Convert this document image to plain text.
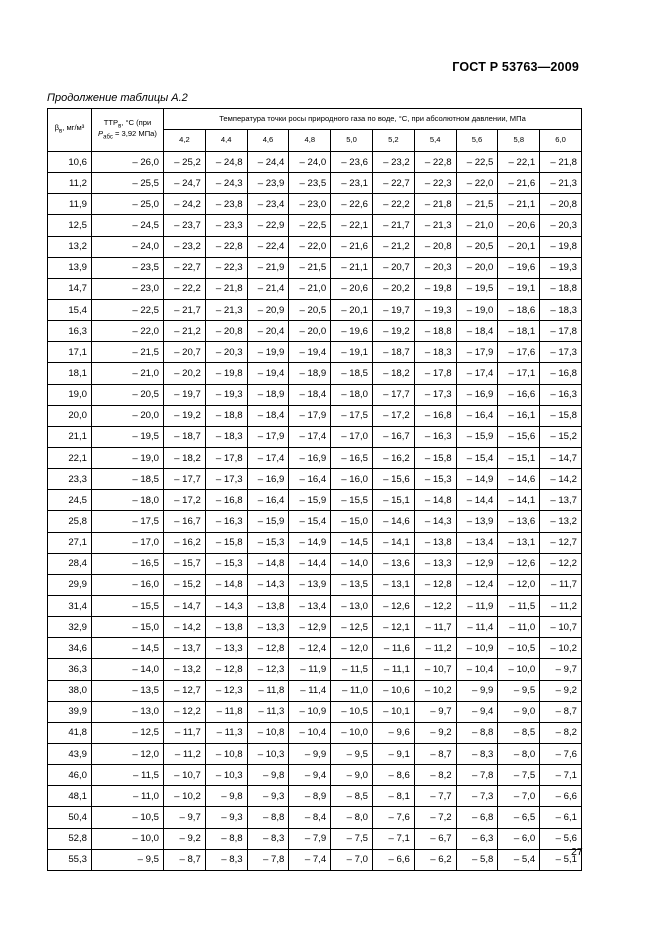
ГОСТ Р 53763—2009
Продолжение таблицы А.2
$\beta_в$, мг/м³	$ТТР_в$, °С (при
$P_{абс} = 3,92$ МПа)	Температура точки росы природного газа по воде, °С, при абсолютном давлении, МПа									
		4,2	4,4	4,6	4,8	5,0	5,2	5,4	5,6	5,8	6,0
10,6	– 26,0	– 25,2	– 24,8	– 24,4	– 24,0	– 23,6	– 23,2	– 22,8	– 22,5	– 22,1	– 21,8
11,2	– 25,5	– 24,7	– 24,3	– 23,9	– 23,5	– 23,1	– 22,7	– 22,3	– 22,0	– 21,6	– 21,3
11,9	– 25,0	– 24,2	– 23,8	– 23,4	– 23,0	– 22,6	– 22,2	– 21,8	– 21,5	– 21,1	– 20,8
12,5	– 24,5	– 23,7	– 23,3	– 22,9	– 22,5	– 22,1	– 21,7	– 21,3	– 21,0	– 20,6	– 20,3
13,2	– 24,0	– 23,2	– 22,8	– 22,4	– 22,0	– 21,6	– 21,2	– 20,8	– 20,5	– 20,1	– 19,8
13,9	– 23,5	– 22,7	– 22,3	– 21,9	– 21,5	– 21,1	– 20,7	– 20,3	– 20,0	– 19,6	– 19,3
14,7	– 23,0	– 22,2	– 21,8	– 21,4	– 21,0	– 20,6	– 20,2	– 19,8	– 19,5	– 19,1	– 18,8
15,4	– 22,5	– 21,7	– 21,3	– 20,9	– 20,5	– 20,1	– 19,7	– 19,3	– 19,0	– 18,6	– 18,3
16,3	– 22,0	– 21,2	– 20,8	– 20,4	– 20,0	– 19,6	– 19,2	– 18,8	– 18,4	– 18,1	– 17,8
17,1	– 21,5	– 20,7	– 20,3	– 19,9	– 19,4	– 19,1	– 18,7	– 18,3	– 17,9	– 17,6	– 17,3
18,1	– 21,0	– 20,2	– 19,8	– 19,4	– 18,9	– 18,5	– 18,2	– 17,8	– 17,4	– 17,1	– 16,8
19,0	– 20,5	– 19,7	– 19,3	– 18,9	– 18,4	– 18,0	– 17,7	– 17,3	– 16,9	– 16,6	– 16,3
20,0	– 20,0	– 19,2	– 18,8	– 18,4	– 17,9	– 17,5	– 17,2	– 16,8	– 16,4	– 16,1	– 15,8
21,1	– 19,5	– 18,7	– 18,3	– 17,9	– 17,4	– 17,0	– 16,7	– 16,3	– 15,9	– 15,6	– 15,2
22,1	– 19,0	– 18,2	– 17,8	– 17,4	– 16,9	– 16,5	– 16,2	– 15,8	– 15,4	– 15,1	– 14,7
23,3	– 18,5	– 17,7	– 17,3	– 16,9	– 16,4	– 16,0	– 15,6	– 15,3	– 14,9	– 14,6	– 14,2
24,5	– 18,0	– 17,2	– 16,8	– 16,4	– 15,9	– 15,5	– 15,1	– 14,8	– 14,4	– 14,1	– 13,7
25,8	– 17,5	– 16,7	– 16,3	– 15,9	– 15,4	– 15,0	– 14,6	– 14,3	– 13,9	– 13,6	– 13,2
27,1	– 17,0	– 16,2	– 15,8	– 15,3	– 14,9	– 14,5	– 14,1	– 13,8	– 13,4	– 13,1	– 12,7
28,4	– 16,5	– 15,7	– 15,3	– 14,8	– 14,4	– 14,0	– 13,6	– 13,3	– 12,9	– 12,6	– 12,2
29,9	– 16,0	– 15,2	– 14,8	– 14,3	– 13,9	– 13,5	– 13,1	– 12,8	– 12,4	– 12,0	– 11,7
31,4	– 15,5	– 14,7	– 14,3	– 13,8	– 13,4	– 13,0	– 12,6	– 12,2	– 11,9	– 11,5	– 11,2
32,9	– 15,0	– 14,2	– 13,8	– 13,3	– 12,9	– 12,5	– 12,1	– 11,7	– 11,4	– 11,0	– 10,7
34,6	– 14,5	– 13,7	– 13,3	– 12,8	– 12,4	– 12,0	– 11,6	– 11,2	– 10,9	– 10,5	– 10,2
36,3	– 14,0	– 13,2	– 12,8	– 12,3	– 11,9	– 11,5	– 11,1	– 10,7	– 10,4	– 10,0	– 9,7
38,0	– 13,5	– 12,7	– 12,3	– 11,8	– 11,4	– 11,0	– 10,6	– 10,2	– 9,9	– 9,5	– 9,2
39,9	– 13,0	– 12,2	– 11,8	– 11,3	– 10,9	– 10,5	– 10,1	– 9,7	– 9,4	– 9,0	– 8,7
41,8	– 12,5	– 11,7	– 11,3	– 10,8	– 10,4	– 10,0	– 9,6	– 9,2	– 8,8	– 8,5	– 8,2
43,9	– 12,0	– 11,2	– 10,8	– 10,3	– 9,9	– 9,5	– 9,1	– 8,7	– 8,3	– 8,0	– 7,6
46,0	– 11,5	– 10,7	– 10,3	– 9,8	– 9,4	– 9,0	– 8,6	– 8,2	– 7,8	– 7,5	– 7,1
48,1	– 11,0	– 10,2	– 9,8	– 9,3	– 8,9	– 8,5	– 8,1	– 7,7	– 7,3	– 7,0	– 6,6
50,4	– 10,5	– 9,7	– 9,3	– 8,8	– 8,4	– 8,0	– 7,6	– 7,2	– 6,8	– 6,5	– 6,1
52,8	– 10,0	– 9,2	– 8,8	– 8,3	– 7,9	– 7,5	– 7,1	– 6,7	– 6,3	– 6,0	– 5,6
55,3	– 9,5	– 8,7	– 8,3	– 7,8	– 7,4	– 7,0	– 6,6	– 6,2	– 5,8	– 5,4	– 5,1
27
